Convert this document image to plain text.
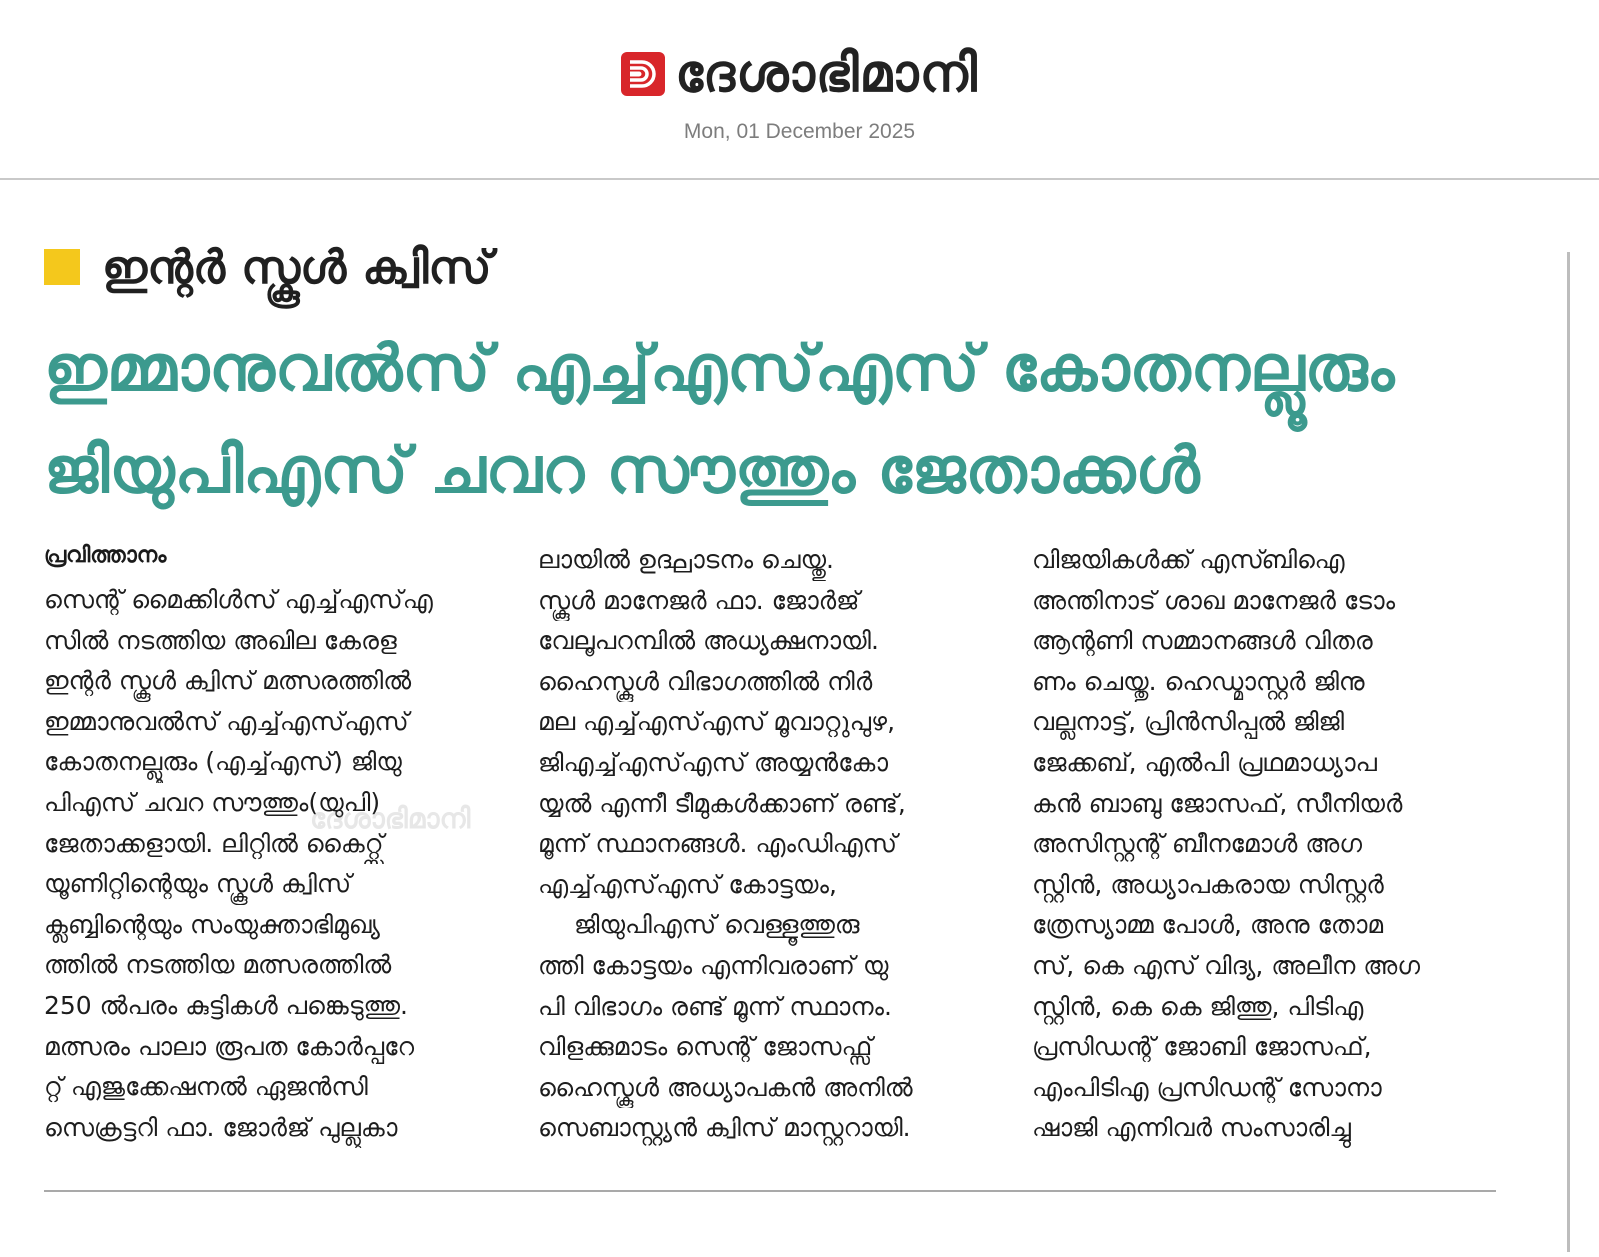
ദേശാഭിമാനി
Mon, 01 December 2025
ഇന്റർ സ്കൂൾ ക്വിസ്
ഇമ്മാനുവൽസ് എച്ച്എസ്എസ് കോതനല്ലൂരും
ജിയുപിഎസ് ചവറ സൗത്തും ജേതാക്കൾ
പ്രവിത്താനം
സെന്റ് മൈക്കിൾസ് എച്ച്എസ്എ
സിൽ നടത്തിയ അഖില കേരള
ഇന്റർ സ്കൂൾ ക്വിസ് മത്സരത്തിൽ
ഇമ്മാനുവൽസ് എച്ച്എസ്എസ്
കോതനല്ലൂരും (എച്ച്എസ്) ജിയു
പിഎസ് ചവറ സൗത്തും(യുപി)
ജേതാക്കളായി. ലിറ്റിൽ കൈറ്റ്സ്
യൂണിറ്റിന്റെയും സ്കൂൾ ക്വിസ്
ക്ലബ്ബിന്റെയും സംയുക്താഭിമുഖ്യ
ത്തിൽ നടത്തിയ മത്സരത്തിൽ
250 ൽപരം കുട്ടികൾ പങ്കെടുത്തു.
മത്സരം പാലാ രൂപത കോർപ്പറേ
റ്റ് എജുക്കേഷനൽ ഏജൻസി
സെക്രട്ടറി ഫാ. ജോർജ് പുല്ലുകാ
ലായിൽ ഉദ്ഘാടനം ചെയ്തു.
സ്കൂൾ മാനേജർ ഫാ. ജോർജ്
വേലൂപറമ്പിൽ അധ്യക്ഷനായി.
ഹൈസ്കൂൾ വിഭാഗത്തിൽ നിർ
മല എച്ച്എസ്എസ് മൂവാറ്റുപുഴ,
ജിഎച്ച്എസ്എസ് അയ്യൻകോ
യ്യൽ എന്നീ ടീമുകൾക്കാണ് രണ്ട്,
മൂന്ന് സ്ഥാനങ്ങൾ. എംഡിഎസ്
എച്ച്എസ്എസ് കോട്ടയം,
ജിയുപിഎസ് വെള്ളൂത്തുരു
ത്തി കോട്ടയം എന്നിവരാണ് യു
പി വിഭാഗം രണ്ട് മൂന്ന് സ്ഥാനം.
വിളക്കുമാടം സെന്റ് ജോസഫ്സ്
ഹൈസ്കൂൾ അധ്യാപകൻ അനിൽ
സെബാസ്റ്റ്യൻ ക്വിസ് മാസ്റ്ററായി.
വിജയികൾക്ക് എസ്ബിഐ
അന്തിനാട് ശാഖ മാനേജർ ടോം
ആന്റണി സമ്മാനങ്ങൾ വിതര
ണം ചെയ്തു. ഹെഡ്മാസ്റ്റർ ജിനു
വല്ലനാട്ട്, പ്രിൻസിപ്പൽ ജിജി
ജേക്കബ്, എൽപി പ്രഥമാധ്യാപ
കൻ ബാബു ജോസഫ്, സീനിയർ
അസിസ്റ്റന്റ് ബീനമോൾ അഗ
സ്റ്റിൻ, അധ്യാപകരായ സിസ്റ്റർ
ത്രേസ്യാമ്മ പോൾ, അനു തോമ
സ്, കെ എസ് വിദ്യ, അലീന അഗ
സ്റ്റിൻ, കെ കെ ജിത്തു, പിടിഎ
പ്രസിഡന്റ് ജോബി ജോസഫ്,
എംപിടിഎ പ്രസിഡന്റ് സോനാ
ഷാജി എന്നിവർ സംസാരിച്ചു
ദേശാഭിമാനി
